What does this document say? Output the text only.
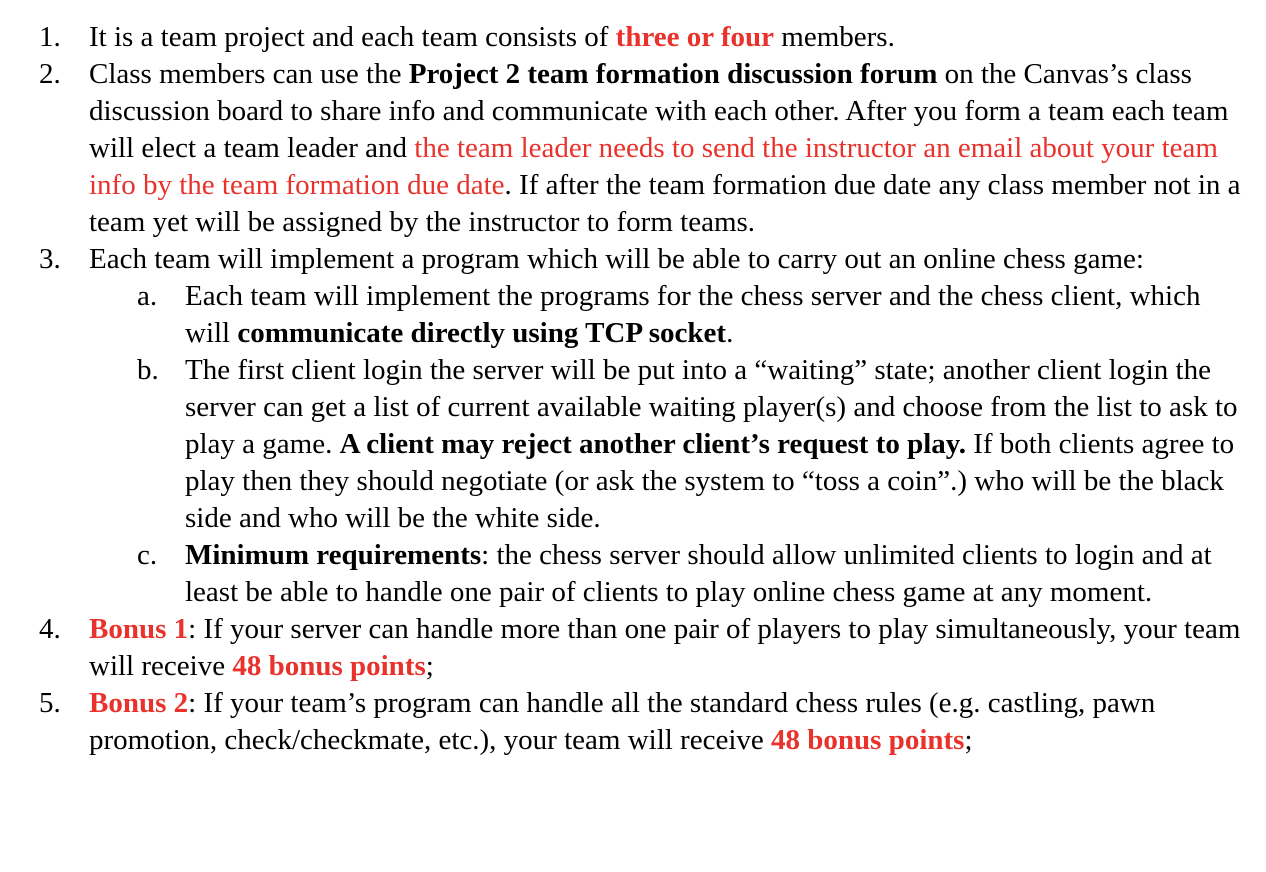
1. It is a team project and each team consists of three or four members.
2. Class members can use the Project 2 team formation discussion forum on the Canvas’s class discussion board to share info and communicate with each other. After you form a team each team will elect a team leader and the team leader needs to send the instructor an email about your team info by the team formation due date. If after the team formation due date any class member not in a team yet will be assigned by the instructor to form teams.
3. Each team will implement a program which will be able to carry out an online chess game:
a. Each team will implement the programs for the chess server and the chess client, which will communicate directly using TCP socket.
b. The first client login the server will be put into a “waiting” state; another client login the server can get a list of current available waiting player(s) and choose from the list to ask to play a game. A client may reject another client’s request to play. If both clients agree to play then they should negotiate (or ask the system to “toss a coin”.) who will be the black side and who will be the white side.
c. Minimum requirements: the chess server should allow unlimited clients to login and at least be able to handle one pair of clients to play online chess game at any moment.
4. Bonus 1: If your server can handle more than one pair of players to play simultaneously, your team will receive 48 bonus points;
5. Bonus 2: If your team’s program can handle all the standard chess rules (e.g. castling, pawn promotion, check/checkmate, etc.), your team will receive 48 bonus points;
